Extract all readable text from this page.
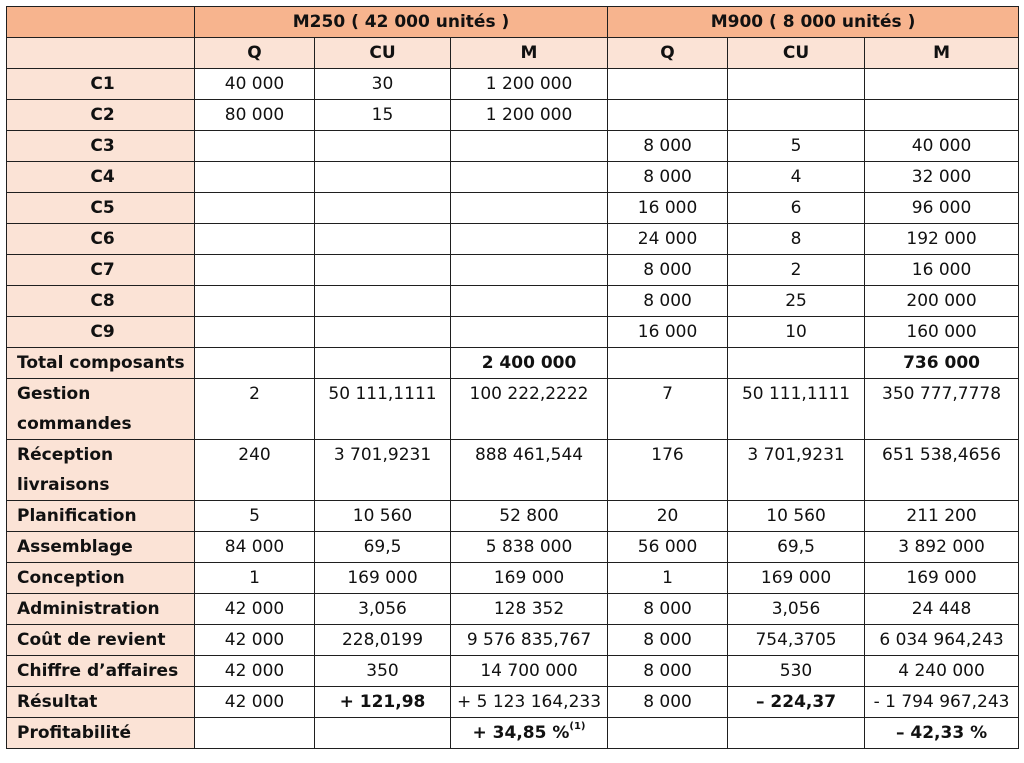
	M250 ( 42 000 unités )			M900 ( 8 000 unités )		
	Q	CU	M	Q	CU	M
C1	40 000	30	1 200 000			
C2	80 000	15	1 200 000			
C3				8 000	5	40 000
C4				8 000	4	32 000
C5				16 000	6	96 000
C6				24 000	8	192 000
C7				8 000	2	16 000
C8				8 000	25	200 000
C9				16 000	10	160 000
Total composants			2 400 000			736 000
Gestion commandes	2	50 111,1111	100 222,2222	7	50 111,1111	350 777,7778
Réception livraisons	240	3 701,9231	888 461,544	176	3 701,9231	651 538,4656
Planification	5	10 560	52 800	20	10 560	211 200
Assemblage	84 000	69,5	5 838 000	56 000	69,5	3 892 000
Conception	1	169 000	169 000	1	169 000	169 000
Administration	42 000	3,056	128 352	8 000	3,056	24 448
Coût de revient	42 000	228,0199	9 576 835,767	8 000	754,3705	6 034 964,243
Chiffre d’affaires	42 000	350	14 700 000	8 000	530	4 240 000
Résultat	42 000	+ 121,98	+ 5 123 164,233	8 000	– 224,37	- 1 794 967,243
Profitabilité			+ 34,85 %$^{(1)}$			– 42,33 %
